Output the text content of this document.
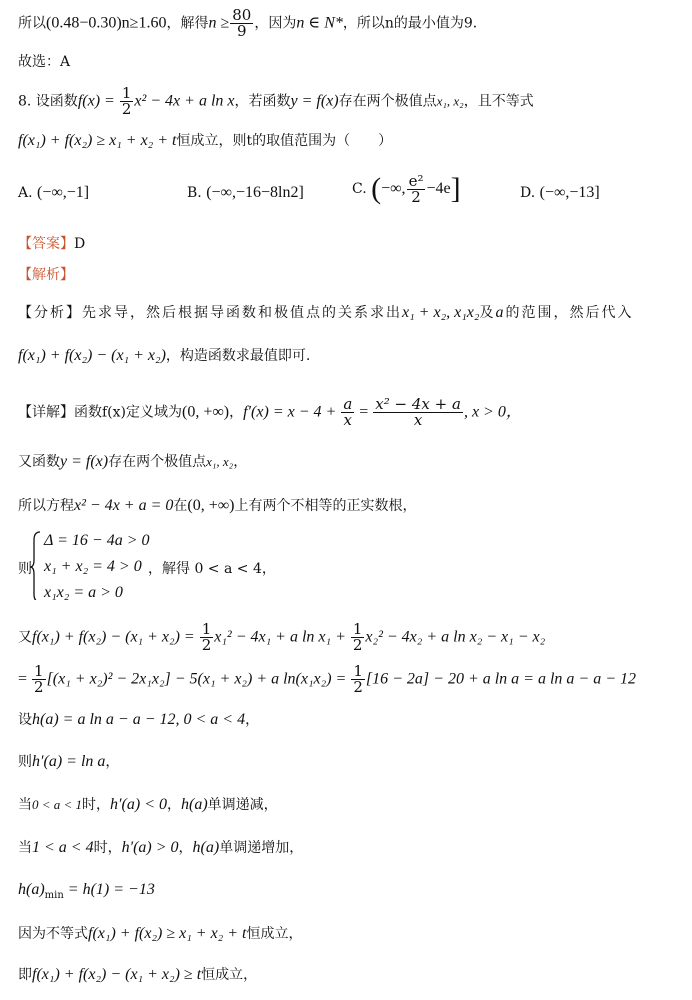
所以(0.48−0.30)n≥1.60，解得$n \ge \frac{80}{9}$ ，因为n ∈ N*，所以n的最小值为9．
故选：A
8. 设函数$f(x) = \frac{1}{2} x^2 - 4x + a$ ln x，若函数y = f(x)存在两个极值点x₁, x₂，且不等式
f(x₁) + f(x₂) ≥ x₁ + x₂ + t恒成立，则t的取值范围为（　　）
A. (−∞,−1]	B. (−∞,−16−8ln2]	C. (−∞, $\frac{\text{e²}}{2} -4e$]	D. (−∞,−13]
【答案】D
【解析】
【分析】先求导，然后根据导函数和极值点的关系求出x₁ + x₂, x₁x₂及a的范围，然后代入
f(x₁) + f(x₂) − (x₁ + x₂)，构造函数求最值即可.
【详解】函数f(x)定义域为(0, +∞)，$f'(x) = x - 4 + \frac{a}{x} = \frac{\text{x² − 4x + a}}{x}$ , x > 0，
又函数y = f(x)存在两个极值点x₁, x₂，
所以方程x² − 4x + a = 0在(0, +∞)上有两个不相等的正实数根，
则
Δ = 16 − 4a > 0
x₁ + x₂ = 4 > 0
x₁x₂ = a > 0
，解得 0 < a < 4，
又$f(x_1) + f(x_2) - (x_1 + x_2) = \frac{1}{2} x_1^2 - 4x_1 + a$ $\ln x_1 + \frac{1}{2} x_2^2 - 4x_2 + a$ ln x₂ − x₁ − x₂
= $\frac{1}{2} [(x_1 + x_2)^2 - 2x_1x_2] - 5(x_1 + x_2) + a$ $\ln(x_1x_2) = \frac{1}{2} [16 - 2a] - 20 + a$ ln a = a ln a − a − 12
设h(a) = a ln a − a − 12, 0 < a < 4，
则h′(a) = ln a，
当0 < a < 1时，h′(a) < 0，h(a)单调递减，
当1 < a < 4时，h′(a) > 0，h(a)单调递增加，
$h(a)_{min} = h(1) = -13$
因为不等式f(x₁) + f(x₂) ≥ x₁ + x₂ + t恒成立，
即f(x₁) + f(x₂) − (x₁ + x₂) ≥ t恒成立，
